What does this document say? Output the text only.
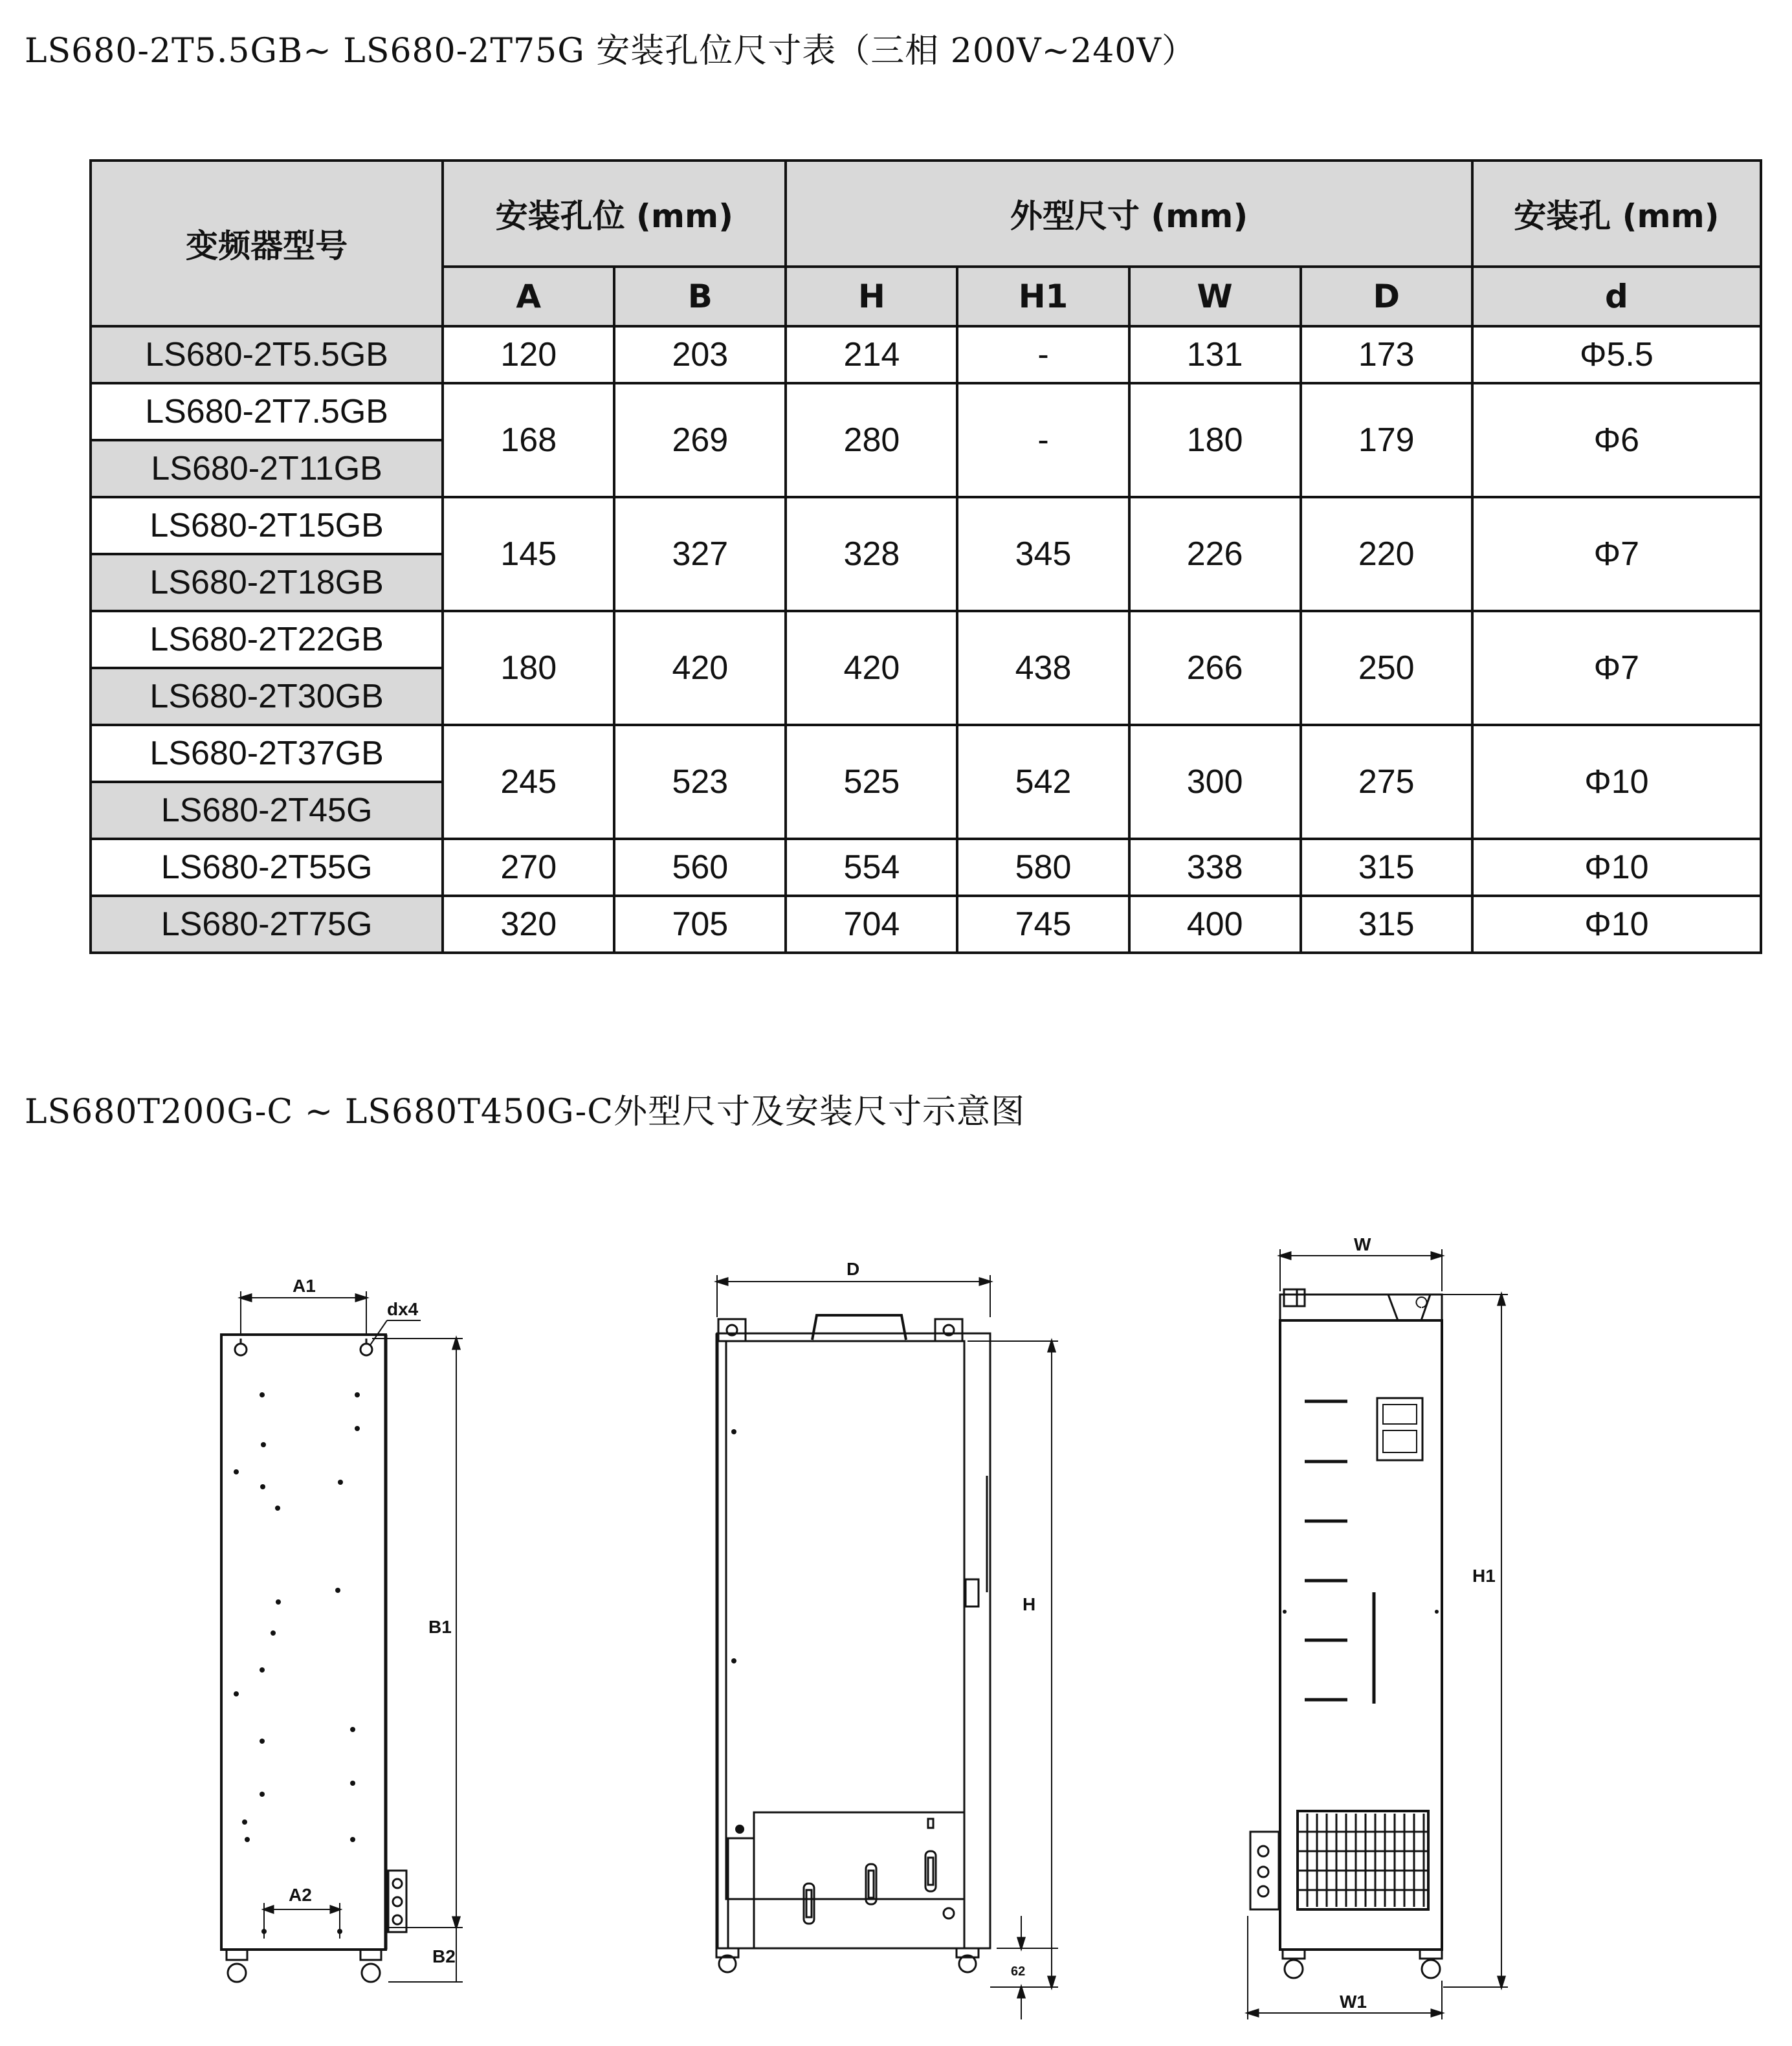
LS680-2T5.5GB~ LS680-2T75G 安装孔位尺寸表（三相 200V~240V）
变频器型号	安装孔位 (mm)		外型尺寸 (mm)				安装孔 (mm)
	A	B	H	H1	W	D	d
LS680-2T5.5GB	120	203	214	-	131	173	Φ5.5
LS680-2T7.5GB	168	269	280	-	180	179	Φ6
LS680-2T11GB							
LS680-2T15GB	145	327	328	345	226	220	Φ7
LS680-2T18GB							
LS680-2T22GB	180	420	420	438	266	250	Φ7
LS680-2T30GB							
LS680-2T37GB	245	523	525	542	300	275	Φ10
LS680-2T45G							
LS680-2T55G	270	560	554	580	338	315	Φ10
LS680-2T75G	320	705	704	745	400	315	Φ10
LS680T200G-C ~ LS680T450G-C外型尺寸及安装尺寸示意图
A1
dx4
B1
A2
B2
D
H
62
W
H1
W1
